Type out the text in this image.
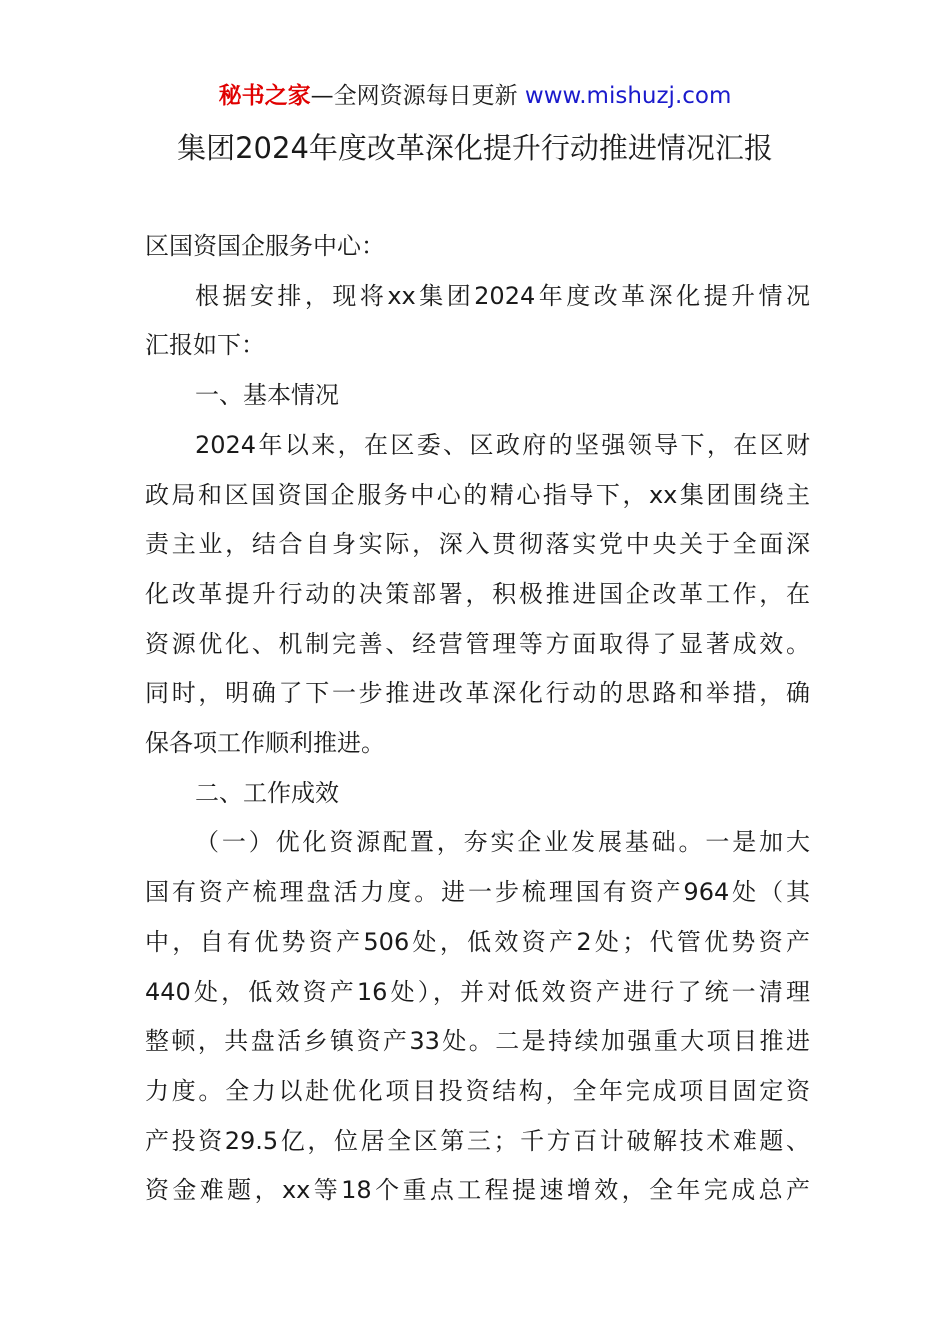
秘书之家—全网资源每日更新 www.mishuzj.com
集团2024年度改革深化提升行动推进情况汇报

区国资国企服务中心：

根据安排，现将xx集团2024年度改革深化提升情况
汇报如下：
一、基本情况
2024年以来，在区委、区政府的坚强领导下，在区财
政局和区国资国企服务中心的精心指导下，xx集团围绕主
责主业，结合自身实际，深入贯彻落实党中央关于全面深
化改革提升行动的决策部署，积极推进国企改革工作，在
资源优化、机制完善、经营管理等方面取得了显著成效。
同时，明确了下一步推进改革深化行动的思路和举措，确
保各项工作顺利推进。
二、工作成效
（一）优化资源配置，夯实企业发展基础。一是加大
国有资产梳理盘活力度。进一步梳理国有资产964处（其
中，自有优势资产506处，低效资产2处；代管优势资产
440处，低效资产16处），并对低效资产进行了统一清理
整顿，共盘活乡镇资产33处。二是持续加强重大项目推进
力度。全力以赴优化项目投资结构，全年完成项目固定资
产投资29.5亿，位居全区第三；千方百计破解技术难题、
资金难题，xx等18个重点工程提速增效，全年完成总产
